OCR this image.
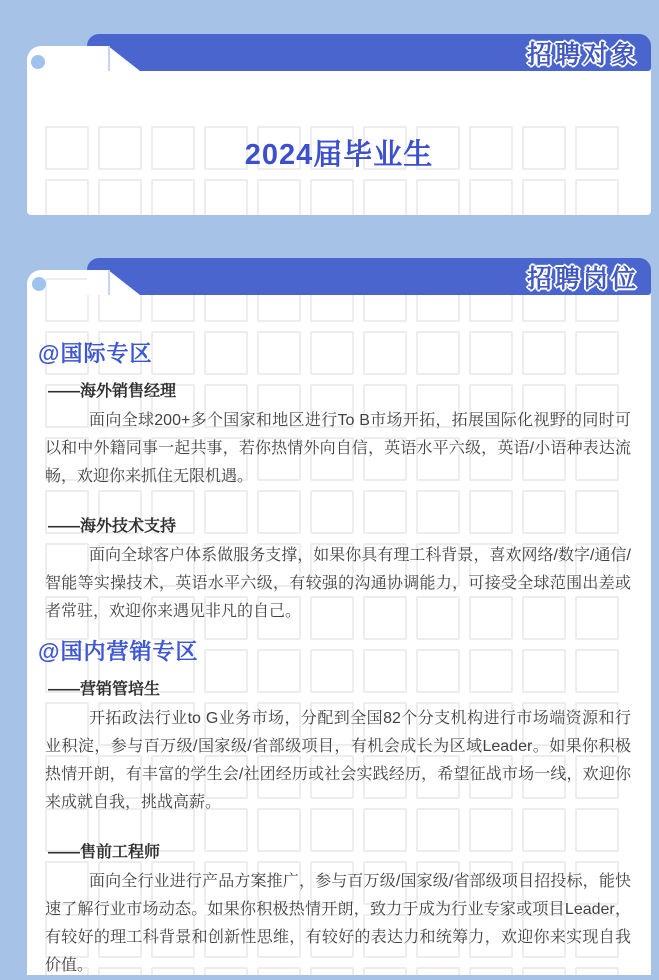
招聘对象
2024届毕业生
招聘岗位
@国际专区
——海外销售经理

面向全球200+多个国家和地区进行To B市场开拓，拓展国际化视野的同时可以和中外籍同事一起共事，若你热情外向自信，英语水平六级，英语/小语种表达流畅，欢迎你来抓住无限机遇。

——海外技术支持

面向全球客户体系做服务支撑，如果你具有理工科背景，喜欢网络/数字/通信/智能等实操技术，英语水平六级，有较强的沟通协调能力，可接受全球范围出差或者常驻，欢迎你来遇见非凡的自己。

@国内营销专区
——营销管培生

开拓政法行业to G业务市场，分配到全国82个分支机构进行市场端资源和行业积淀，参与百万级/国家级/省部级项目，有机会成长为区域Leader。如果你积极热情开朗，有丰富的学生会/社团经历或社会实践经历，希望征战市场一线，欢迎你来成就自我，挑战高薪。

——售前工程师

面向全行业进行产品方案推广，参与百万级/国家级/省部级项目招投标，能快速了解行业市场动态。如果你积极热情开朗，致力于成为行业专家或项目Leader，有较好的理工科背景和创新性思维，有较好的表达力和统筹力，欢迎你来实现自我价值。
